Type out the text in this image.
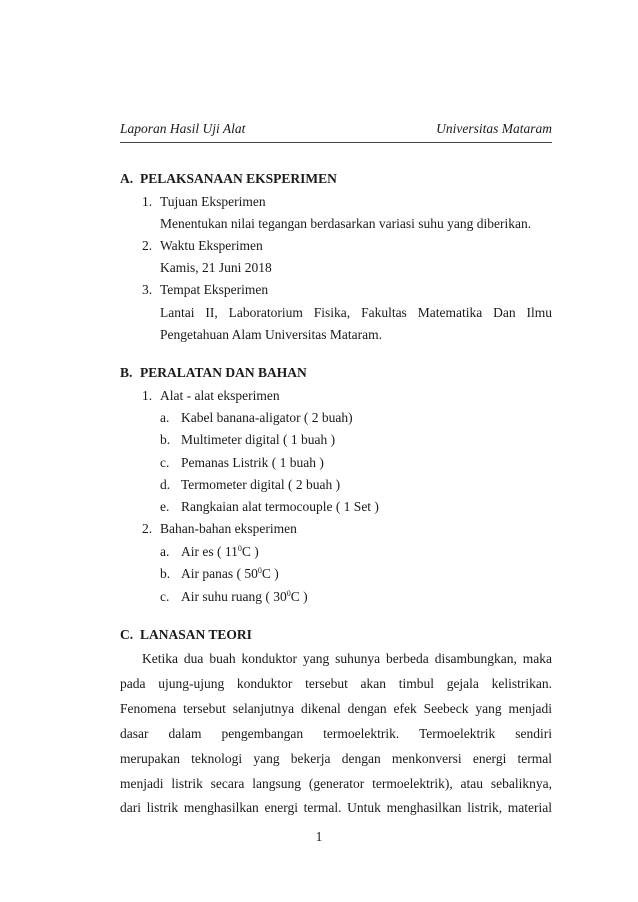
Laporan Hasil Uji Alat	Universitas Mataram
A. PELAKSANAAN EKSPERIMEN
1. Tujuan Eksperimen
Menentukan nilai tegangan berdasarkan variasi suhu yang diberikan.
2. Waktu Eksperimen
Kamis, 21 Juni 2018
3. Tempat Eksperimen
Lantai II, Laboratorium Fisika, Fakultas Matematika Dan Ilmu
Pengetahuan Alam Universitas Mataram.
B. PERALATAN DAN BAHAN
1. Alat - alat eksperimen
a. Kabel banana-aligator ( 2 buah)
b. Multimeter digital ( 1 buah )
c. Pemanas Listrik ( 1 buah )
d. Termometer digital ( 2 buah )
e. Rangkaian alat termocouple ( 1 Set )
2. Bahan-bahan eksperimen
a. Air es ( $11^0C$ )
b. Air panas ( $50^0C$ )
c. Air suhu ruang ( $30^0C$ )
C. LANASAN TEORI
Ketika dua buah konduktor yang suhunya berbeda disambungkan, maka
pada ujung-ujung konduktor tersebut akan timbul gejala kelistrikan.
Fenomena tersebut selanjutnya dikenal dengan efek Seebeck yang menjadi
dasar dalam pengembangan termoelektrik. Termoelektrik sendiri
merupakan teknologi yang bekerja dengan menkonversi energi termal
menjadi listrik secara langsung (generator termoelektrik), atau sebaliknya,
dari listrik menghasilkan energi termal. Untuk menghasilkan listrik, material
1
